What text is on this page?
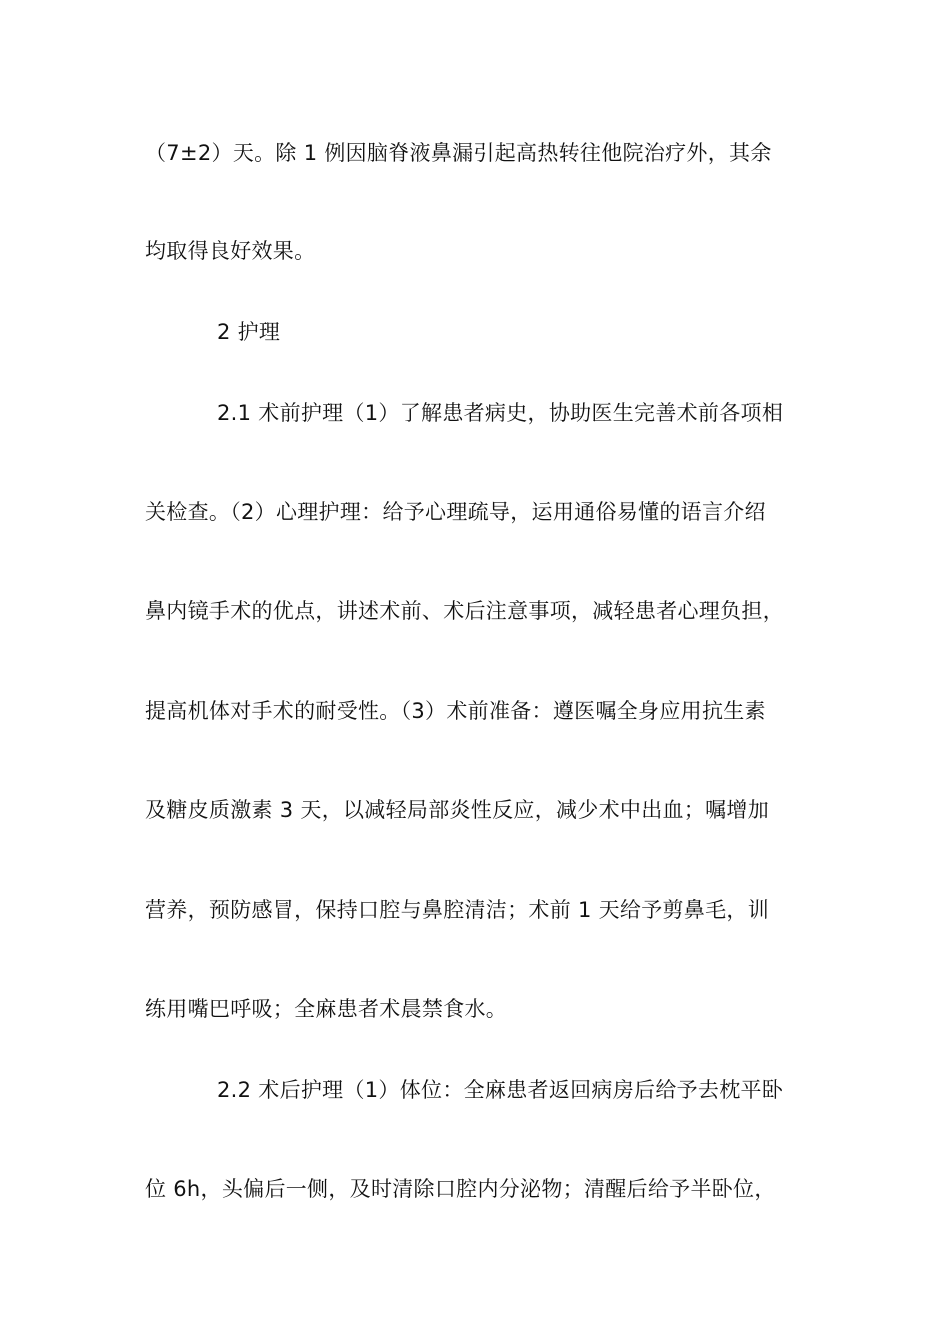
（7±2）天。除 1 例因脑脊液鼻漏引起高热转往他院治疗外，其余
均取得良好效果。
2 护理
2.1 术前护理（1）了解患者病史，协助医生完善术前各项相
关检查。（2）心理护理：给予心理疏导，运用通俗易懂的语言介绍
鼻内镜手术的优点，讲述术前、术后注意事项，减轻患者心理负担，
提高机体对手术的耐受性。（3）术前准备：遵医嘱全身应用抗生素
及糖皮质激素 3 天，以减轻局部炎性反应，减少术中出血；嘱增加
营养，预防感冒，保持口腔与鼻腔清洁；术前 1 天给予剪鼻毛，训
练用嘴巴呼吸；全麻患者术晨禁食水。
2.2 术后护理（1）体位：全麻患者返回病房后给予去枕平卧
位 6h，头偏后一侧，及时清除口腔内分泌物；清醒后给予半卧位，
